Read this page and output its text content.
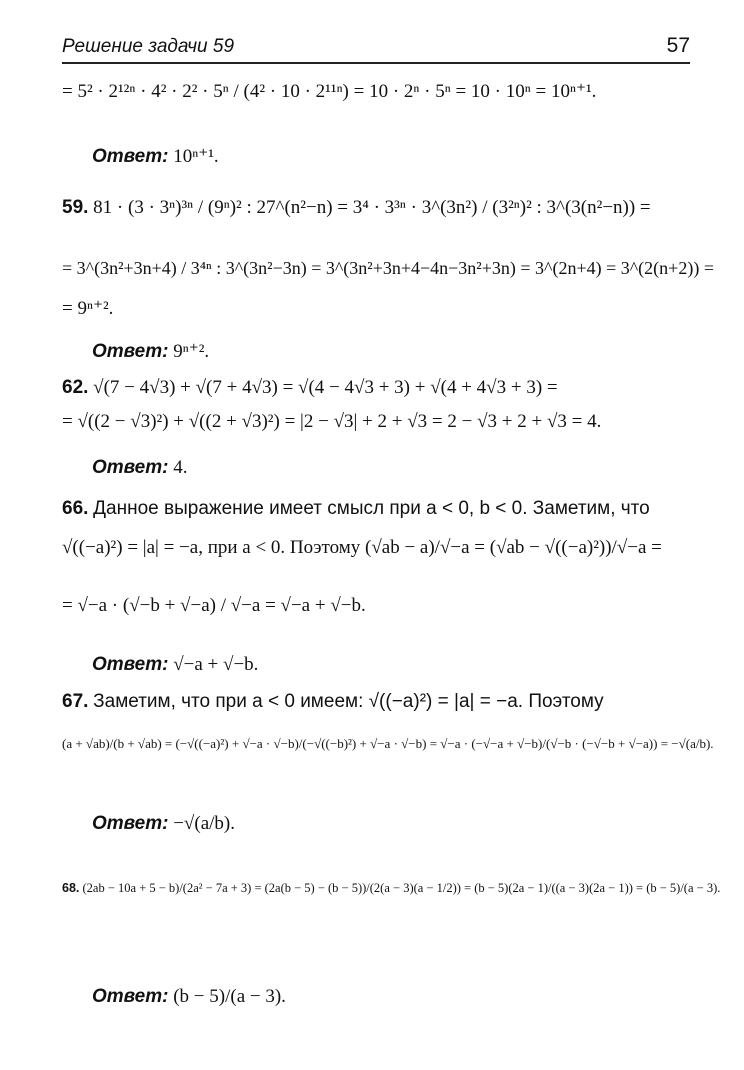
Решение задачи 59	57
= 5² · 2¹²ⁿ · 4² · 2² · 5ⁿ / (4² · 10 · 2¹¹ⁿ) = 10 · 2ⁿ · 5ⁿ = 10 · 10ⁿ = 10ⁿ⁺¹.
Ответ: 10ⁿ⁺¹.
59. 81 · (3 · 3ⁿ)³ⁿ / (9ⁿ)² : 27^(n²−n) = 3⁴ · 3³ⁿ · 3^(3n²) / (3²ⁿ)² : 3^(3(n²−n)) =
= 3^(3n²+3n+4) / 3⁴ⁿ : 3^(3n²−3n) = 3^(3n²+3n+4−4n−3n²+3n) = 3^(2n+4) = 3^(2(n+2)) =
= 9ⁿ⁺².
Ответ: 9ⁿ⁺².
62. √(7 − 4√3) + √(7 + 4√3) = √(4 − 4√3 + 3) + √(4 + 4√3 + 3) =
= √((2 − √3)²) + √((2 + √3)²) = |2 − √3| + 2 + √3 = 2 − √3 + 2 + √3 = 4.
Ответ: 4.
66. Данное выражение имеет смысл при a < 0, b < 0. Заметим, что
√((−a)²) = |a| = −a, при a < 0. Поэтому (√ab − a)/√−a = (√ab − √((−a)²))/√−a =
= √−a · (√−b + √−a) / √−a = √−a + √−b.
Ответ: √−a + √−b.
67. Заметим, что при a < 0 имеем: √((−a)²) = |a| = −a. Поэтому
(a + √ab)/(b + √ab) = (−√((−a)²) + √−a · √−b)/(−√((−b)²) + √−a · √−b) = √−a · (−√−a + √−b)/(√−b · (−√−b + √−a)) = −√(a/b).
Ответ: −√(a/b).
68. (2ab − 10a + 5 − b)/(2a² − 7a + 3) = (2a(b − 5) − (b − 5))/(2(a − 3)(a − 1/2)) = (b − 5)(2a − 1)/((a − 3)(2a − 1)) = (b − 5)/(a − 3).
Ответ: (b − 5)/(a − 3).
